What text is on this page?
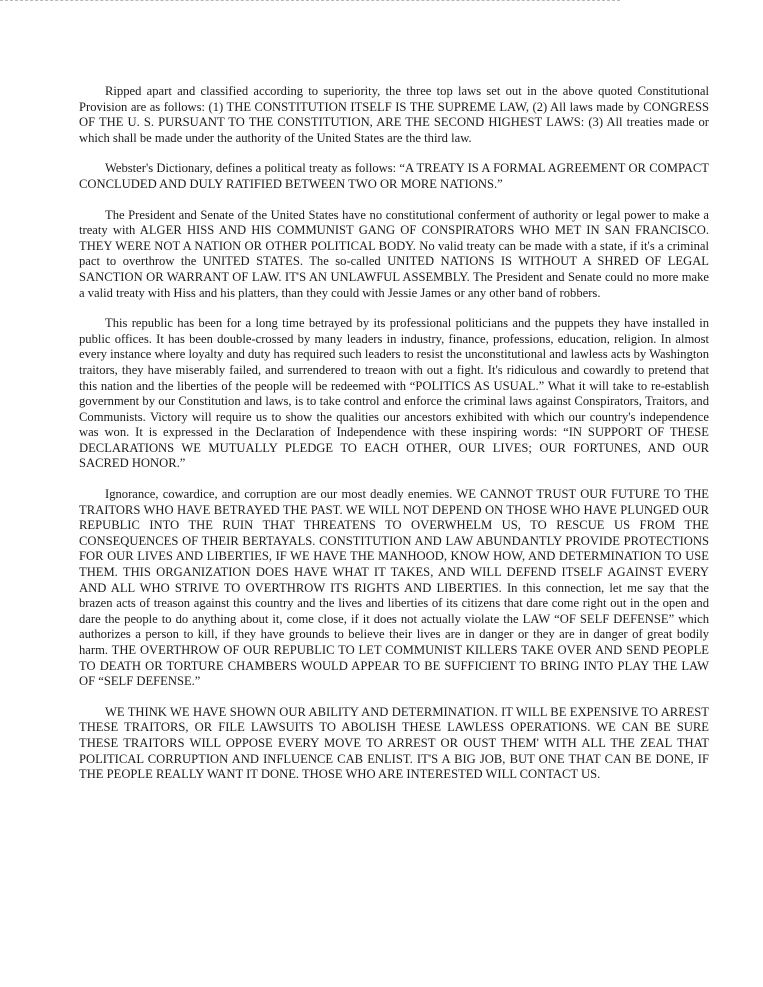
Ripped apart and classified according to superiority, the three top laws set out in the above quoted Constitutional Provision are as follows: (1) THE CONSTITUTION ITSELF IS THE SUPREME LAW, (2) All laws made by CONGRESS OF THE U. S. PURSUANT TO THE CONSTITUTION, ARE THE SECOND HIGHEST LAWS: (3) All treaties made or which shall be made under the authority of the United States are the third law.

Webster's Dictionary, defines a political treaty as follows: “A TREATY IS A FORMAL AGREEMENT OR COMPACT CONCLUDED AND DULY RATIFIED BETWEEN TWO OR MORE NATIONS.”

The President and Senate of the United States have no constitutional conferment of authority or legal power to make a treaty with ALGER HISS AND HIS COMMUNIST GANG OF CONSPIRATORS WHO MET IN SAN FRANCISCO. THEY WERE NOT A NATION OR OTHER POLITICAL BODY. No valid treaty can be made with a state, if it's a criminal pact to overthrow the UNITED STATES. The so-called UNITED NATIONS IS WITHOUT A SHRED OF LEGAL SANCTION OR WARRANT OF LAW. IT'S AN UNLAWFUL ASSEMBLY. The President and Senate could no more make a valid treaty with Hiss and his platters, than they could with Jessie James or any other band of robbers.

This republic has been for a long time betrayed by its professional politicians and the puppets they have installed in public offices. It has been double-crossed by many leaders in industry, finance, professions, education, religion. In almost every instance where loyalty and duty has required such leaders to resist the unconstitutional and lawless acts by Washington traitors, they have miserably failed, and surrendered to treaon with out a fight. It's ridiculous and cowardly to pretend that this nation and the liberties of the people will be redeemed with “POLITICS AS USUAL.” What it will take to re-establish government by our Constitution and laws, is to take control and enforce the criminal laws against Conspirators, Traitors, and Communists. Victory will require us to show the qualities our ancestors exhibited with which our country's independence was won. It is expressed in the Declaration of Independence with these inspiring words: “IN SUPPORT OF THESE DECLARATIONS WE MUTUALLY PLEDGE TO EACH OTHER, OUR LIVES; OUR FORTUNES, AND OUR SACRED HONOR.”

Ignorance, cowardice, and corruption are our most deadly enemies. WE CANNOT TRUST OUR FUTURE TO THE TRAITORS WHO HAVE BETRAYED THE PAST. WE WILL NOT DEPEND ON THOSE WHO HAVE PLUNGED OUR REPUBLIC INTO THE RUIN THAT THREATENS TO OVERWHELM US, TO RESCUE US FROM THE CONSEQUENCES OF THEIR BERTAYALS. CONSTITUTION AND LAW ABUNDANTLY PROVIDE PROTECTIONS FOR OUR LIVES AND LIBERTIES, IF WE HAVE THE MANHOOD, KNOW HOW, AND DETERMINATION TO USE THEM. THIS ORGANIZATION DOES HAVE WHAT IT TAKES, AND WILL DEFEND ITSELF AGAINST EVERY AND ALL WHO STRIVE TO OVERTHROW ITS RIGHTS AND LIBERTIES. In this connection, let me say that the brazen acts of treason against this country and the lives and liberties of its citizens that dare come right out in the open and dare the people to do anything about it, come close, if it does not actually violate the LAW “OF SELF DEFENSE” which authorizes a person to kill, if they have grounds to believe their lives are in danger or they are in danger of great bodily harm. THE OVERTHROW OF OUR REPUBLIC TO LET COMMUNIST KILLERS TAKE OVER AND SEND PEOPLE TO DEATH OR TORTURE CHAMBERS WOULD APPEAR TO BE SUFFICIENT TO BRING INTO PLAY THE LAW OF “SELF DEFENSE.”

WE THINK WE HAVE SHOWN OUR ABILITY AND DETERMINATION. IT WILL BE EXPENSIVE TO ARREST THESE TRAITORS, OR FILE LAWSUITS TO ABOLISH THESE LAWLESS OPERATIONS. WE CAN BE SURE THESE TRAITORS WILL OPPOSE EVERY MOVE TO ARREST OR OUST THEM' WITH ALL THE ZEAL THAT POLITICAL CORRUPTION AND INFLUENCE CAB ENLIST. IT'S A BIG JOB, BUT ONE THAT CAN BE DONE, IF THE PEOPLE REALLY WANT IT DONE. THOSE WHO ARE INTERESTED WILL CONTACT US.
